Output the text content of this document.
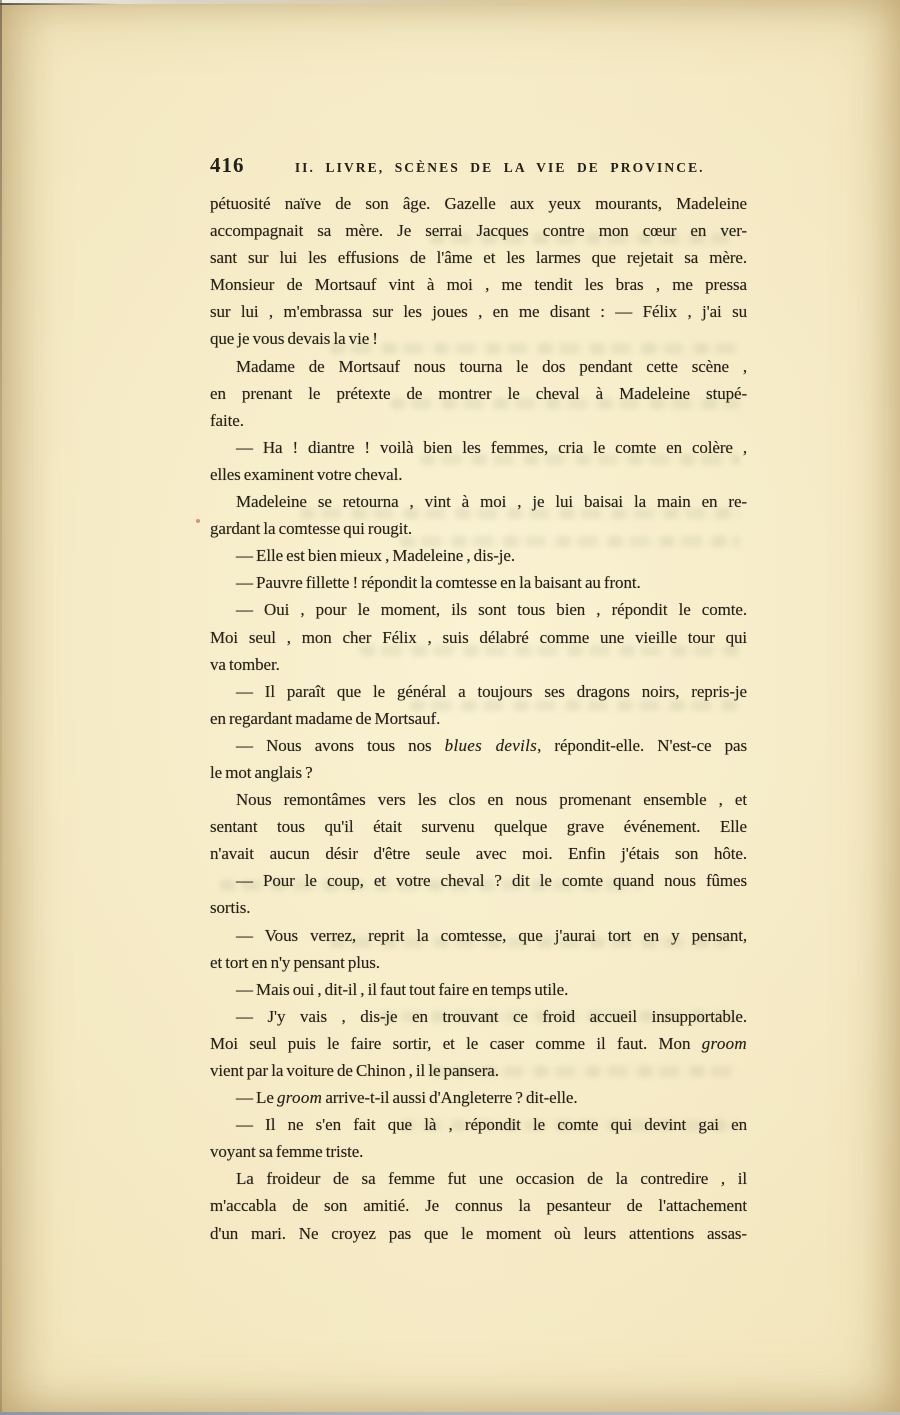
416	II. LIVRE, SCÈNES DE LA VIE DE PROVINCE.
pétuosité naïve de son âge. Gazelle aux yeux mourants, Madeleine
accompagnait sa mère. Je serrai Jacques contre mon cœur en ver-
sant sur lui les effusions de l'âme et les larmes que rejetait sa mère.
Monsieur de Mortsauf vint à moi , me tendit les bras , me pressa
sur lui , m'embrassa sur les joues , en me disant : — Félix , j'ai su
que je vous devais la vie !
Madame de Mortsauf nous tourna le dos pendant cette scène ,
en prenant le prétexte de montrer le cheval à Madeleine stupé-
faite.
— Ha ! diantre ! voilà bien les femmes, cria le comte en colère ,
elles examinent votre cheval.
Madeleine se retourna , vint à moi , je lui baisai la main en re-
gardant la comtesse qui rougit.
— Elle est bien mieux , Madeleine , dis-je.
— Pauvre fillette ! répondit la comtesse en la baisant au front.
— Oui , pour le moment, ils sont tous bien , répondit le comte.
Moi seul , mon cher Félix , suis délabré comme une vieille tour qui
va tomber.
— Il paraît que le général a toujours ses dragons noirs, repris-je
en regardant madame de Mortsauf.
— Nous avons tous nos blues devils, répondit-elle. N'est-ce pas
le mot anglais ?
Nous remontâmes vers les clos en nous promenant ensemble , et
sentant tous qu'il était survenu quelque grave événement. Elle
n'avait aucun désir d'être seule avec moi. Enfin j'étais son hôte.
— Pour le coup, et votre cheval ? dit le comte quand nous fûmes
sortis.
— Vous verrez, reprit la comtesse, que j'aurai tort en y pensant,
et tort en n'y pensant plus.
— Mais oui , dit-il , il faut tout faire en temps utile.
— J'y vais , dis-je en trouvant ce froid accueil insupportable.
Moi seul puis le faire sortir, et le caser comme il faut. Mon groom
vient par la voiture de Chinon , il le pansera.
— Le groom arrive-t-il aussi d'Angleterre ? dit-elle.
— Il ne s'en fait que là , répondit le comte qui devint gai en
voyant sa femme triste.
La froideur de sa femme fut une occasion de la contredire , il
m'accabla de son amitié. Je connus la pesanteur de l'attachement
d'un mari. Ne croyez pas que le moment où leurs attentions assas-
